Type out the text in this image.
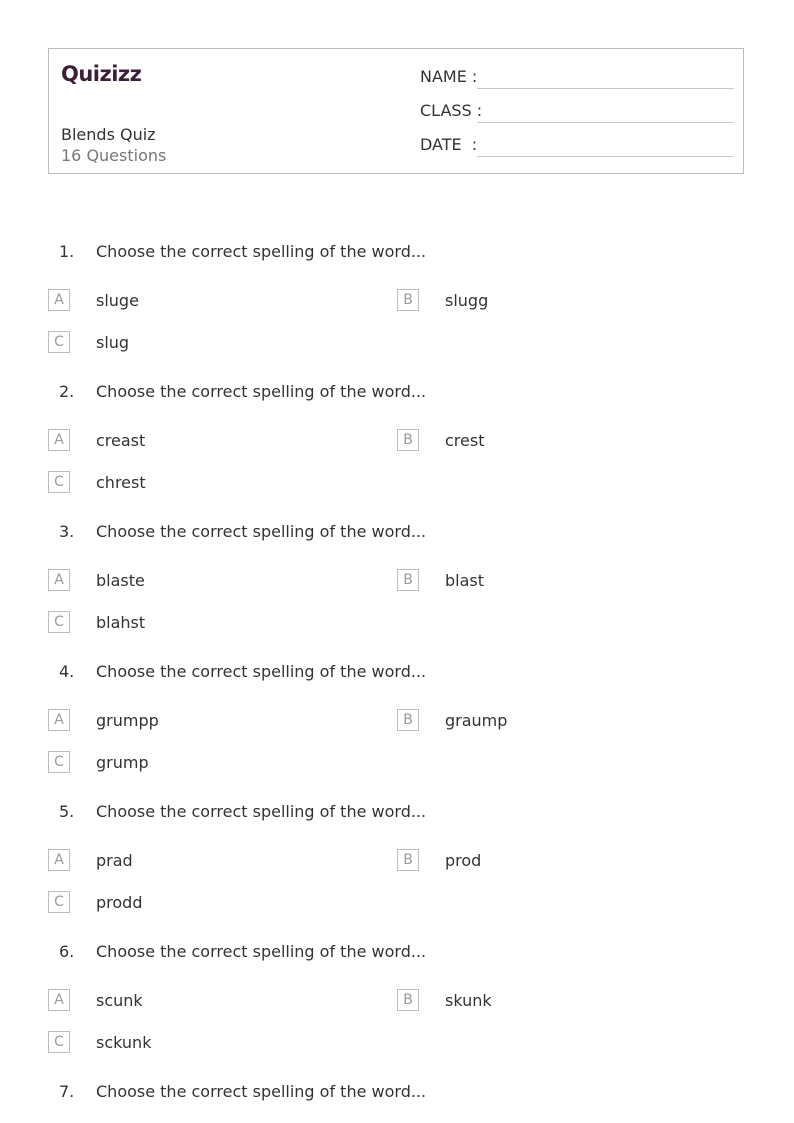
Quizizz
Blends Quiz
16 Questions
NAME :
CLASS :
DATE  :
1. Choose the correct spelling of the word...
A	sluge	B	slugg
C	slug
2. Choose the correct spelling of the word...
A	creast	B	crest
C	chrest
3. Choose the correct spelling of the word...
A	blaste	B	blast
C	blahst
4. Choose the correct spelling of the word...
A	grumpp	B	graump
C	grump
5. Choose the correct spelling of the word...
A	prad	B	prod
C	prodd
6. Choose the correct spelling of the word...
A	scunk	B	skunk
C	sckunk
7. Choose the correct spelling of the word...
